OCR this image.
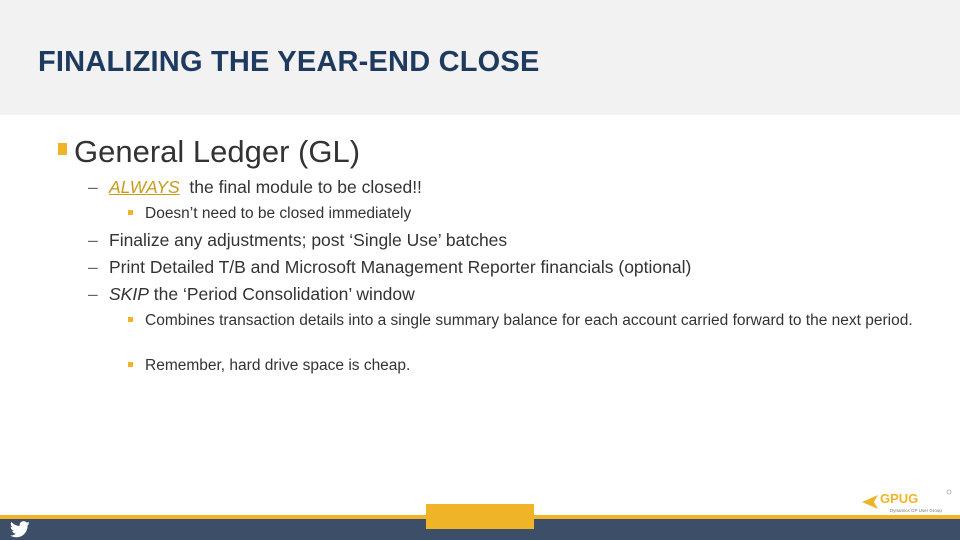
FINALIZING THE YEAR-END CLOSE
General Ledger (GL)
– ALWAYS  the final module to be closed!!
Doesn’t need to be closed immediately
– Finalize any adjustments; post ‘Single Use’ batches
– Print Detailed T/B and Microsoft Management Reporter financials (optional)
– SKIP the ‘Period Consolidation’ window
Combines transaction details into a single summary balance for each account carried forward to the next period.
Remember, hard drive space is cheap.
GPUG
Dynamics GP User Group
